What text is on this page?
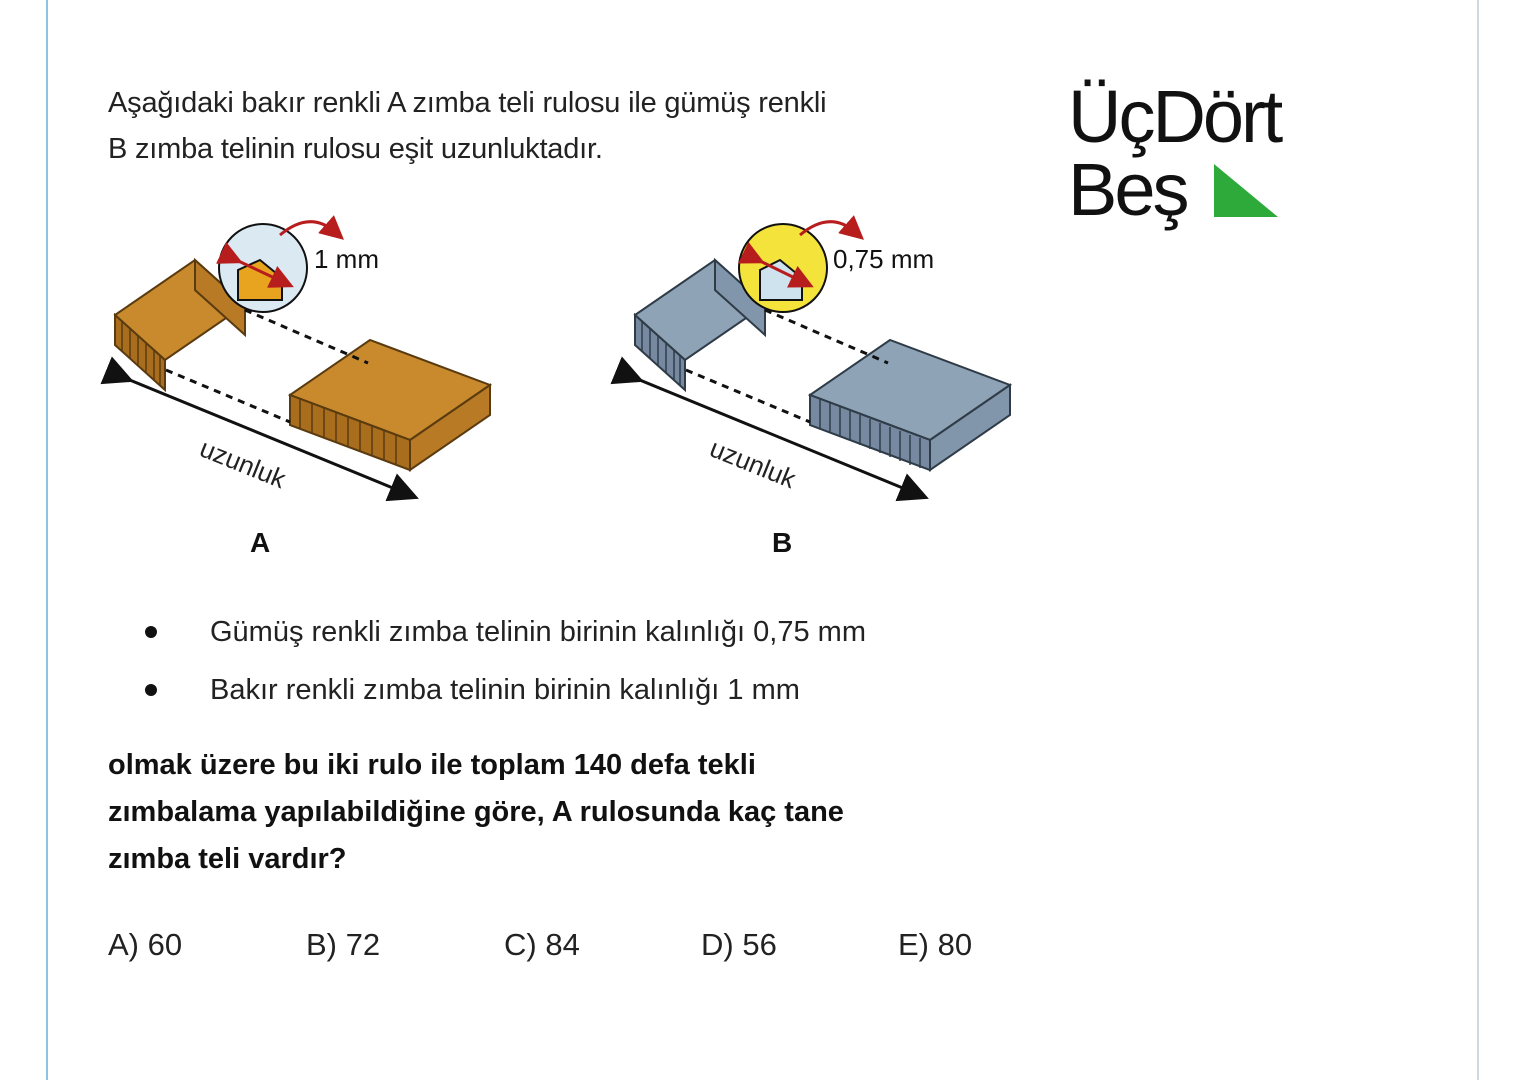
Aşağıdaki bakır renkli A zımba teli rulosu ile gümüş renkli
B zımba telinin rulosu eşit uzunluktadır.	ÜçDört
Beş
uzunluk
1 mm
A
uzunluk
0,75 mm
B
Gümüş renkli zımba telinin birinin kalınlığı 0,75 mm
Bakır renkli zımba telinin birinin kalınlığı 1 mm
olmak üzere bu iki rulo ile toplam 140 defa tekli
zımbalama yapılabildiğine göre, A rulosunda kaç tane
zımba teli vardır?
A) 60	B) 72	C) 84	D) 56	E) 80
